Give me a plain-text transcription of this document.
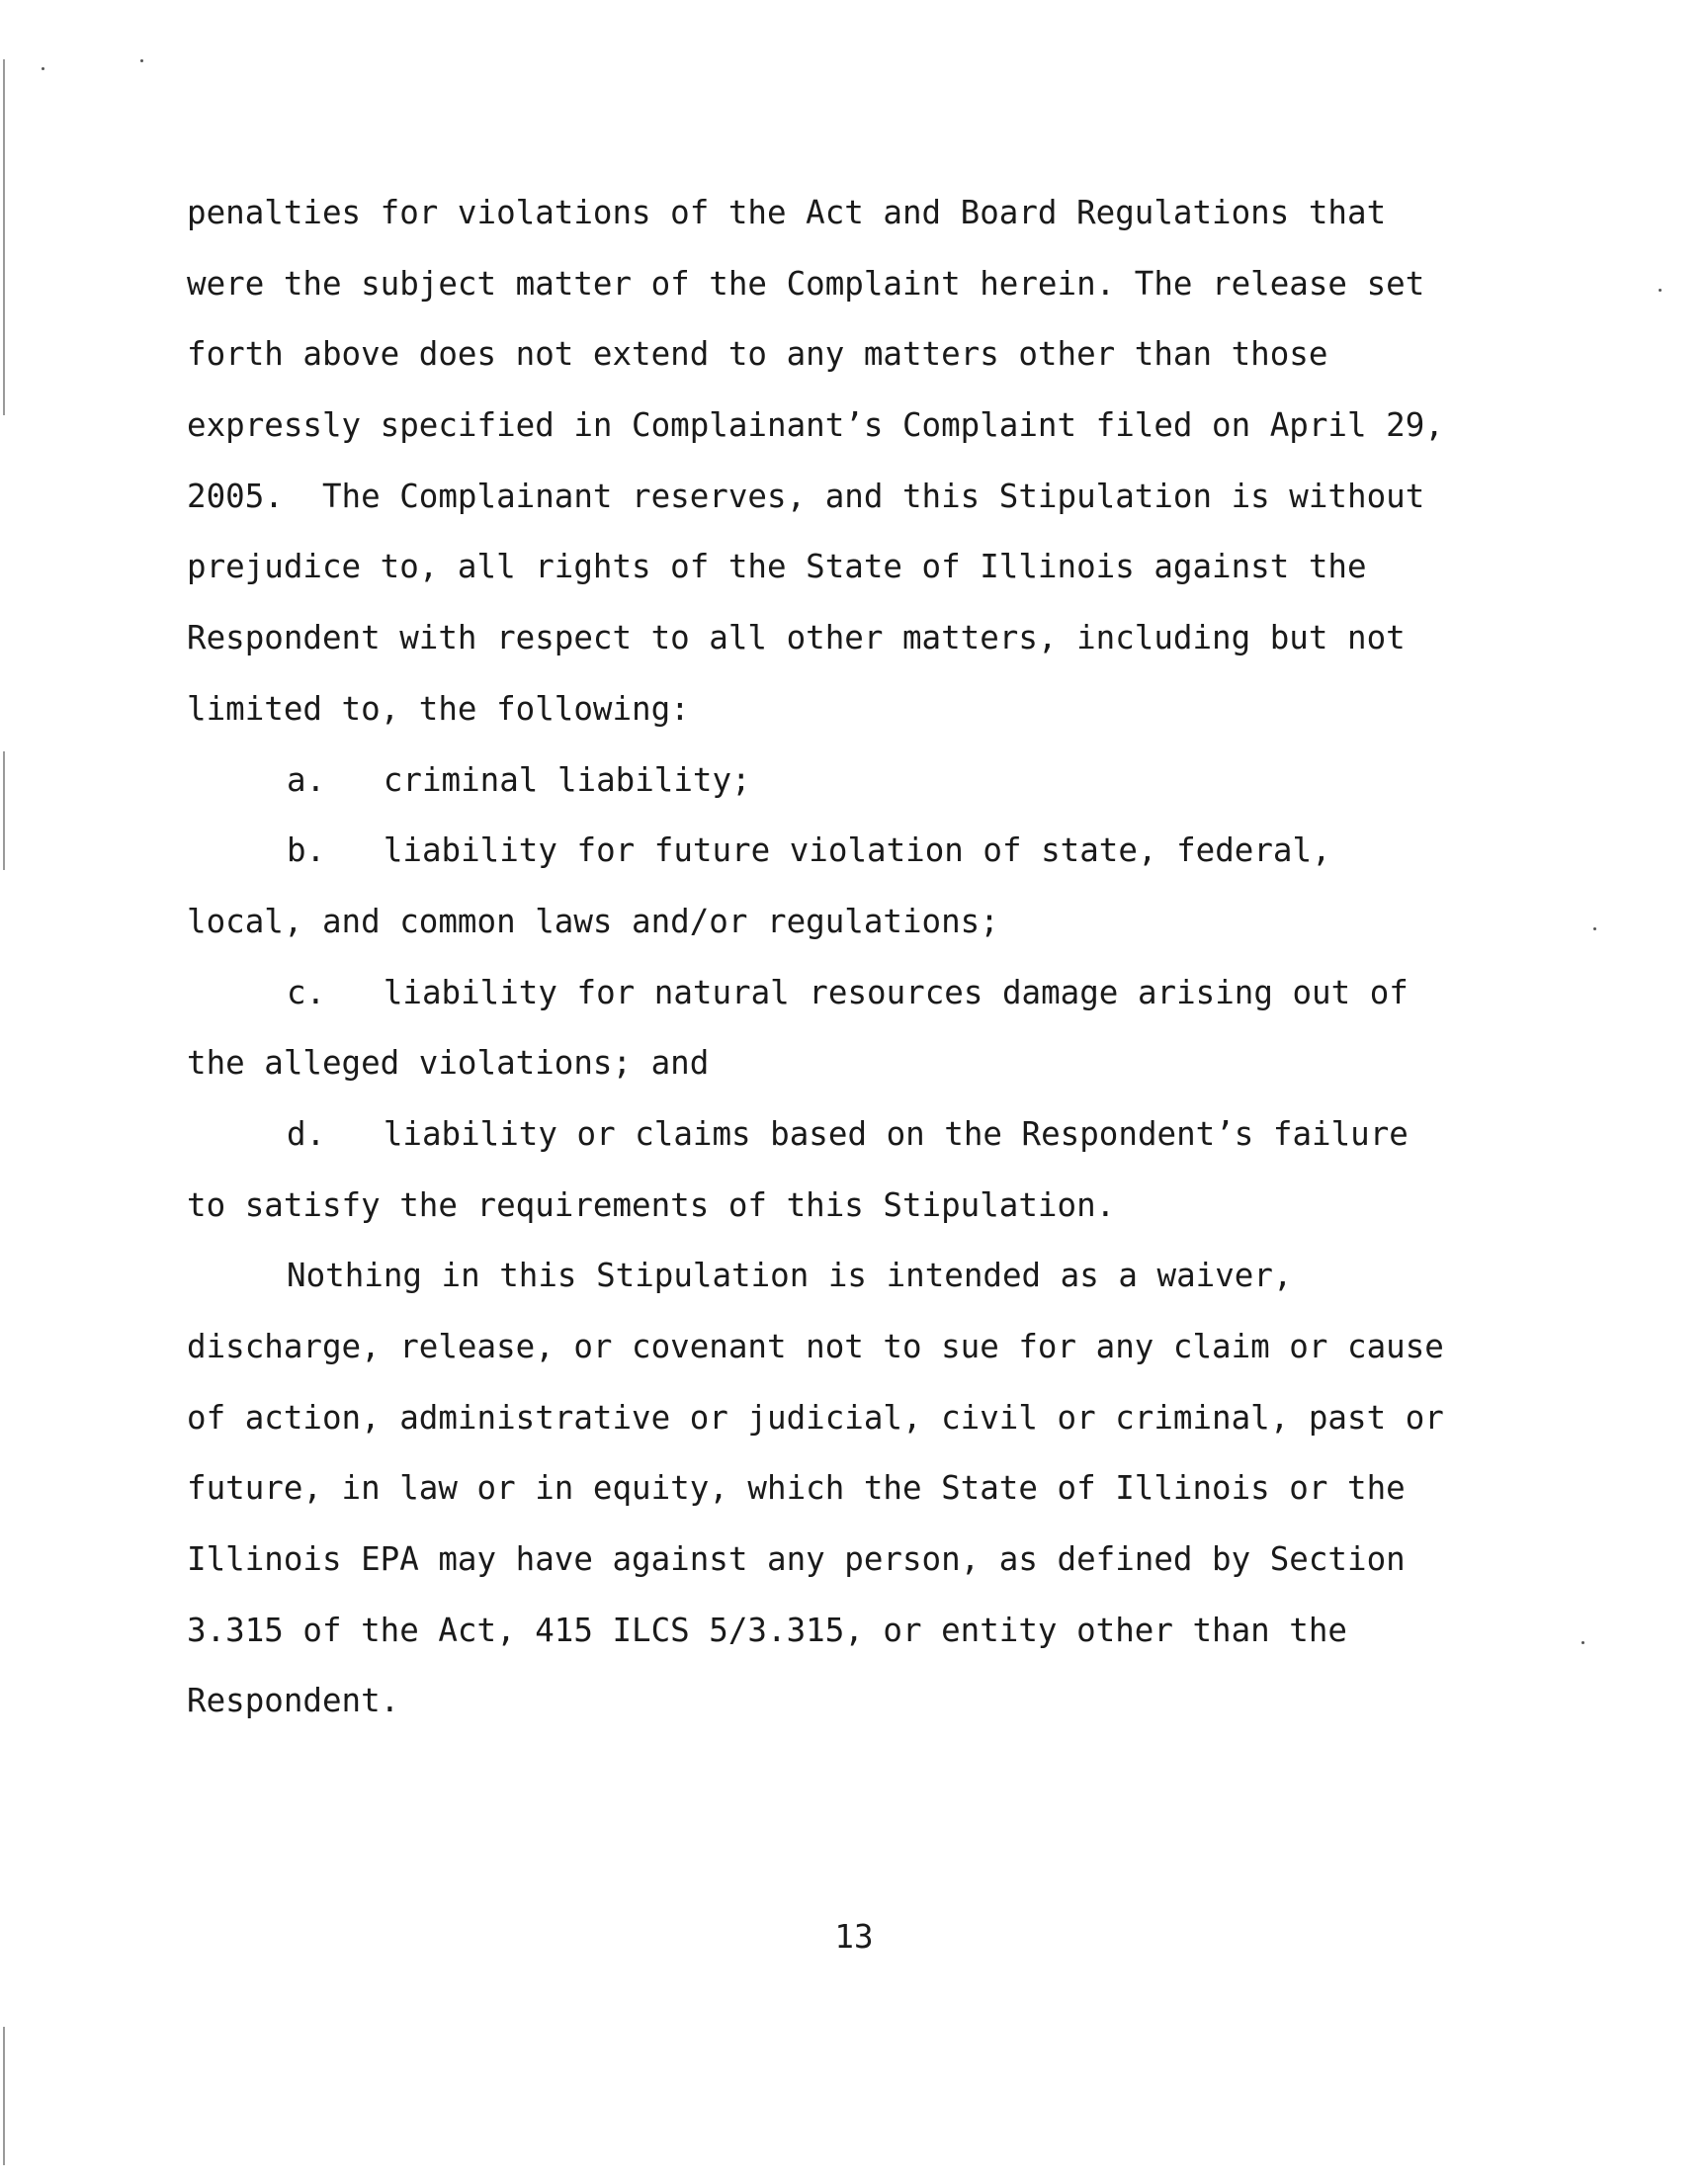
penalties for violations of the Act and Board Regulations that
were the subject matter of the Complaint herein. The release set
forth above does not extend to any matters other than those
expressly specified in Complainant’s Complaint filed on April 29,
2005.  The Complainant reserves, and this Stipulation is without
prejudice to, all rights of the State of Illinois against the
Respondent with respect to all other matters, including but not
limited to, the following:
a. criminal liability;
b. liability for future violation of state, federal,
local, and common laws and/or regulations;
c. liability for natural resources damage arising out of
the alleged violations; and
d. liability or claims based on the Respondent’s failure
to satisfy the requirements of this Stipulation.
Nothing in this Stipulation is intended as a waiver,
discharge, release, or covenant not to sue for any claim or cause
of action, administrative or judicial, civil or criminal, past or
future, in law or in equity, which the State of Illinois or the
Illinois EPA may have against any person, as defined by Section
3.315 of the Act, 415 ILCS 5/3.315, or entity other than the
Respondent.
13
